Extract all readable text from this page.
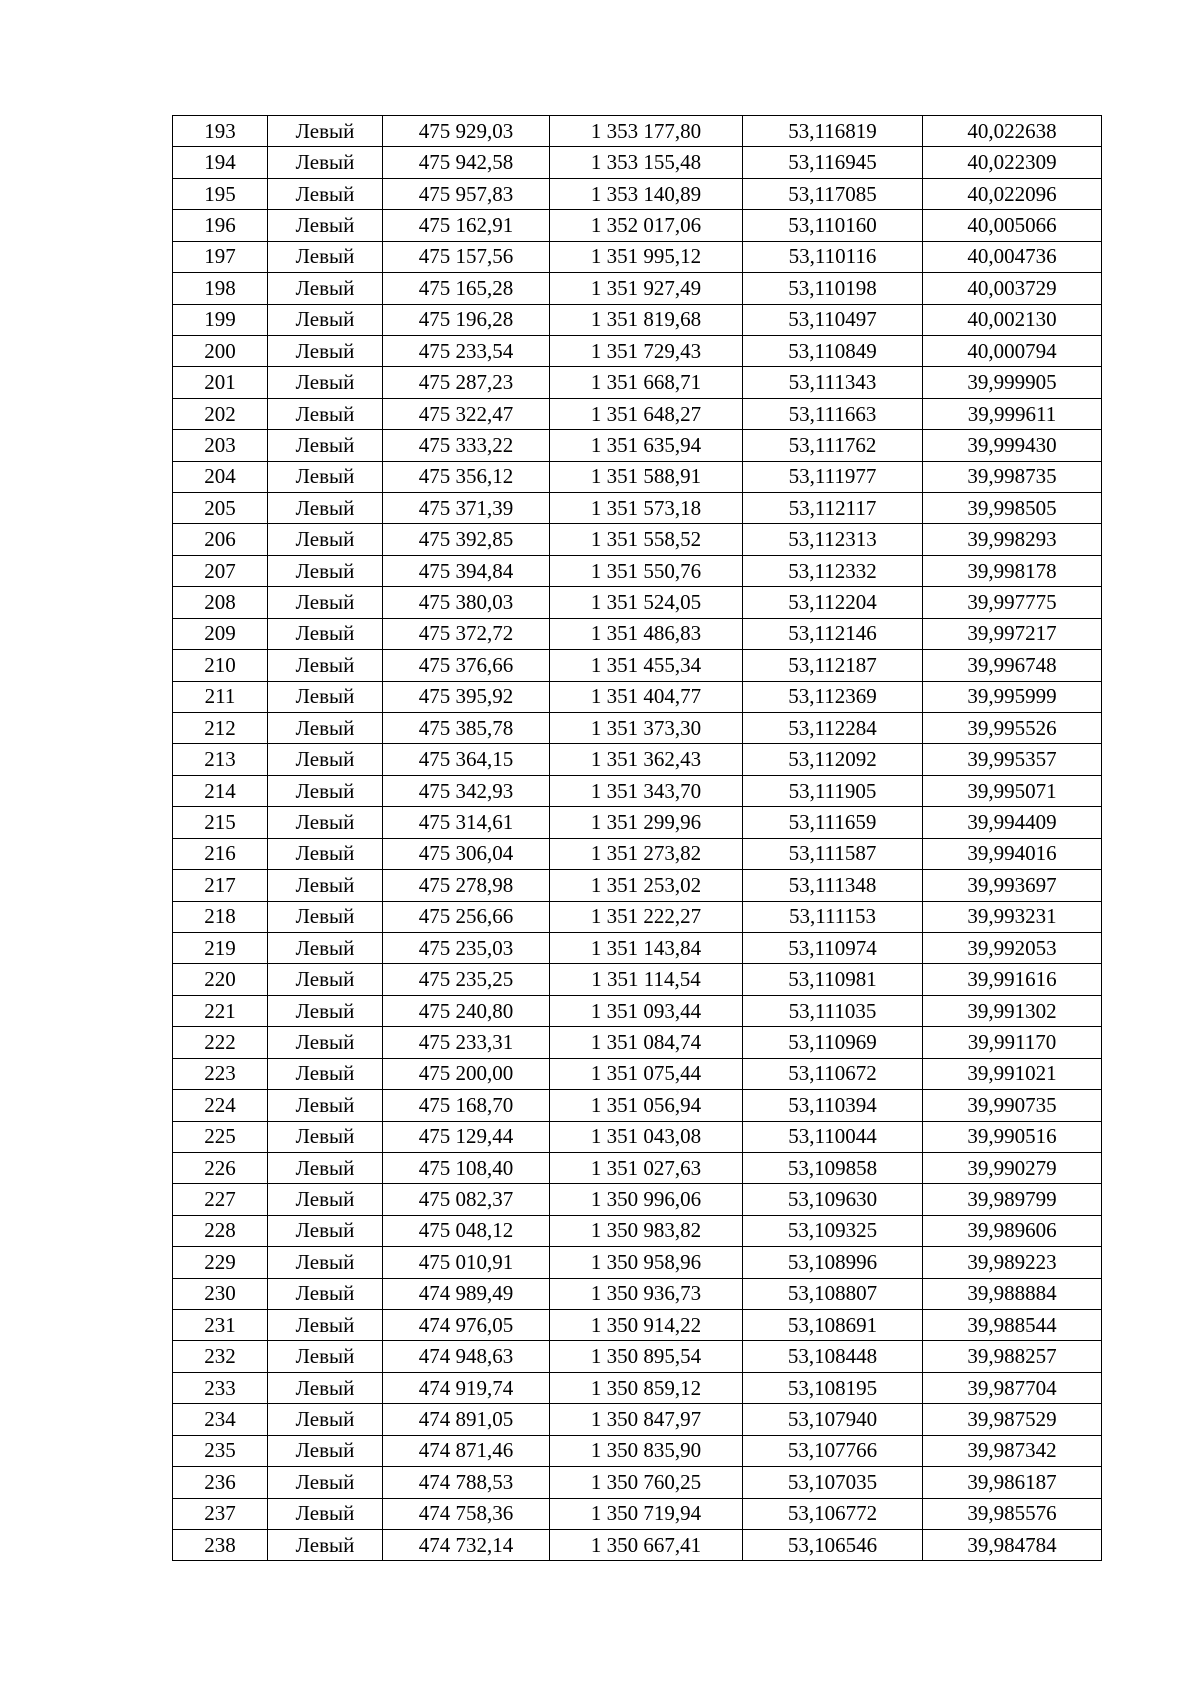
193	Левый	475 929,03	1 353 177,80	53,116819	40,022638
194	Левый	475 942,58	1 353 155,48	53,116945	40,022309
195	Левый	475 957,83	1 353 140,89	53,117085	40,022096
196	Левый	475 162,91	1 352 017,06	53,110160	40,005066
197	Левый	475 157,56	1 351 995,12	53,110116	40,004736
198	Левый	475 165,28	1 351 927,49	53,110198	40,003729
199	Левый	475 196,28	1 351 819,68	53,110497	40,002130
200	Левый	475 233,54	1 351 729,43	53,110849	40,000794
201	Левый	475 287,23	1 351 668,71	53,111343	39,999905
202	Левый	475 322,47	1 351 648,27	53,111663	39,999611
203	Левый	475 333,22	1 351 635,94	53,111762	39,999430
204	Левый	475 356,12	1 351 588,91	53,111977	39,998735
205	Левый	475 371,39	1 351 573,18	53,112117	39,998505
206	Левый	475 392,85	1 351 558,52	53,112313	39,998293
207	Левый	475 394,84	1 351 550,76	53,112332	39,998178
208	Левый	475 380,03	1 351 524,05	53,112204	39,997775
209	Левый	475 372,72	1 351 486,83	53,112146	39,997217
210	Левый	475 376,66	1 351 455,34	53,112187	39,996748
211	Левый	475 395,92	1 351 404,77	53,112369	39,995999
212	Левый	475 385,78	1 351 373,30	53,112284	39,995526
213	Левый	475 364,15	1 351 362,43	53,112092	39,995357
214	Левый	475 342,93	1 351 343,70	53,111905	39,995071
215	Левый	475 314,61	1 351 299,96	53,111659	39,994409
216	Левый	475 306,04	1 351 273,82	53,111587	39,994016
217	Левый	475 278,98	1 351 253,02	53,111348	39,993697
218	Левый	475 256,66	1 351 222,27	53,111153	39,993231
219	Левый	475 235,03	1 351 143,84	53,110974	39,992053
220	Левый	475 235,25	1 351 114,54	53,110981	39,991616
221	Левый	475 240,80	1 351 093,44	53,111035	39,991302
222	Левый	475 233,31	1 351 084,74	53,110969	39,991170
223	Левый	475 200,00	1 351 075,44	53,110672	39,991021
224	Левый	475 168,70	1 351 056,94	53,110394	39,990735
225	Левый	475 129,44	1 351 043,08	53,110044	39,990516
226	Левый	475 108,40	1 351 027,63	53,109858	39,990279
227	Левый	475 082,37	1 350 996,06	53,109630	39,989799
228	Левый	475 048,12	1 350 983,82	53,109325	39,989606
229	Левый	475 010,91	1 350 958,96	53,108996	39,989223
230	Левый	474 989,49	1 350 936,73	53,108807	39,988884
231	Левый	474 976,05	1 350 914,22	53,108691	39,988544
232	Левый	474 948,63	1 350 895,54	53,108448	39,988257
233	Левый	474 919,74	1 350 859,12	53,108195	39,987704
234	Левый	474 891,05	1 350 847,97	53,107940	39,987529
235	Левый	474 871,46	1 350 835,90	53,107766	39,987342
236	Левый	474 788,53	1 350 760,25	53,107035	39,986187
237	Левый	474 758,36	1 350 719,94	53,106772	39,985576
238	Левый	474 732,14	1 350 667,41	53,106546	39,984784
